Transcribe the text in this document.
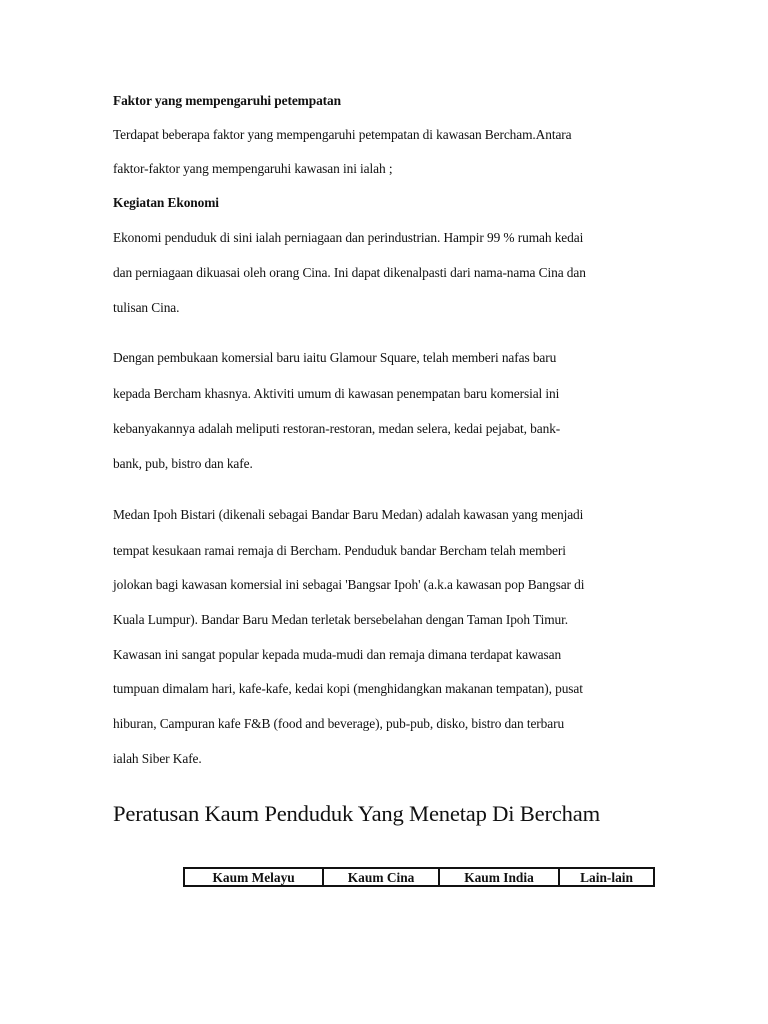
Faktor yang mempengaruhi petempatan
Terdapat beberapa faktor yang mempengaruhi petempatan di kawasan Bercham.Antara
faktor-faktor yang mempengaruhi kawasan ini ialah ;
Kegiatan Ekonomi
Ekonomi penduduk di sini ialah perniagaan dan perindustrian. Hampir 99 % rumah kedai
dan perniagaan dikuasai oleh orang Cina. Ini dapat dikenalpasti dari nama-nama Cina dan
tulisan Cina.
Dengan pembukaan komersial baru iaitu Glamour Square, telah memberi nafas baru
kepada Bercham khasnya. Aktiviti umum di kawasan penempatan baru komersial ini
kebanyakannya adalah meliputi restoran-restoran, medan selera, kedai pejabat, bank-
bank, pub, bistro dan kafe.
Medan Ipoh Bistari (dikenali sebagai Bandar Baru Medan) adalah kawasan yang menjadi
tempat kesukaan ramai remaja di Bercham. Penduduk bandar Bercham telah memberi
jolokan bagi kawasan komersial ini sebagai 'Bangsar Ipoh' (a.k.a kawasan pop Bangsar di
Kuala Lumpur). Bandar Baru Medan terletak bersebelahan dengan Taman Ipoh Timur.
Kawasan ini sangat popular kepada muda-mudi dan remaja dimana terdapat kawasan
tumpuan dimalam hari, kafe-kafe, kedai kopi (menghidangkan makanan tempatan), pusat
hiburan, Campuran kafe F&B (food and beverage), pub-pub, disko, bistro dan terbaru
ialah Siber Kafe.
Peratusan Kaum Penduduk Yang Menetap Di Bercham
Kaum Melayu	Kaum Cina	Kaum India	Lain-lain
